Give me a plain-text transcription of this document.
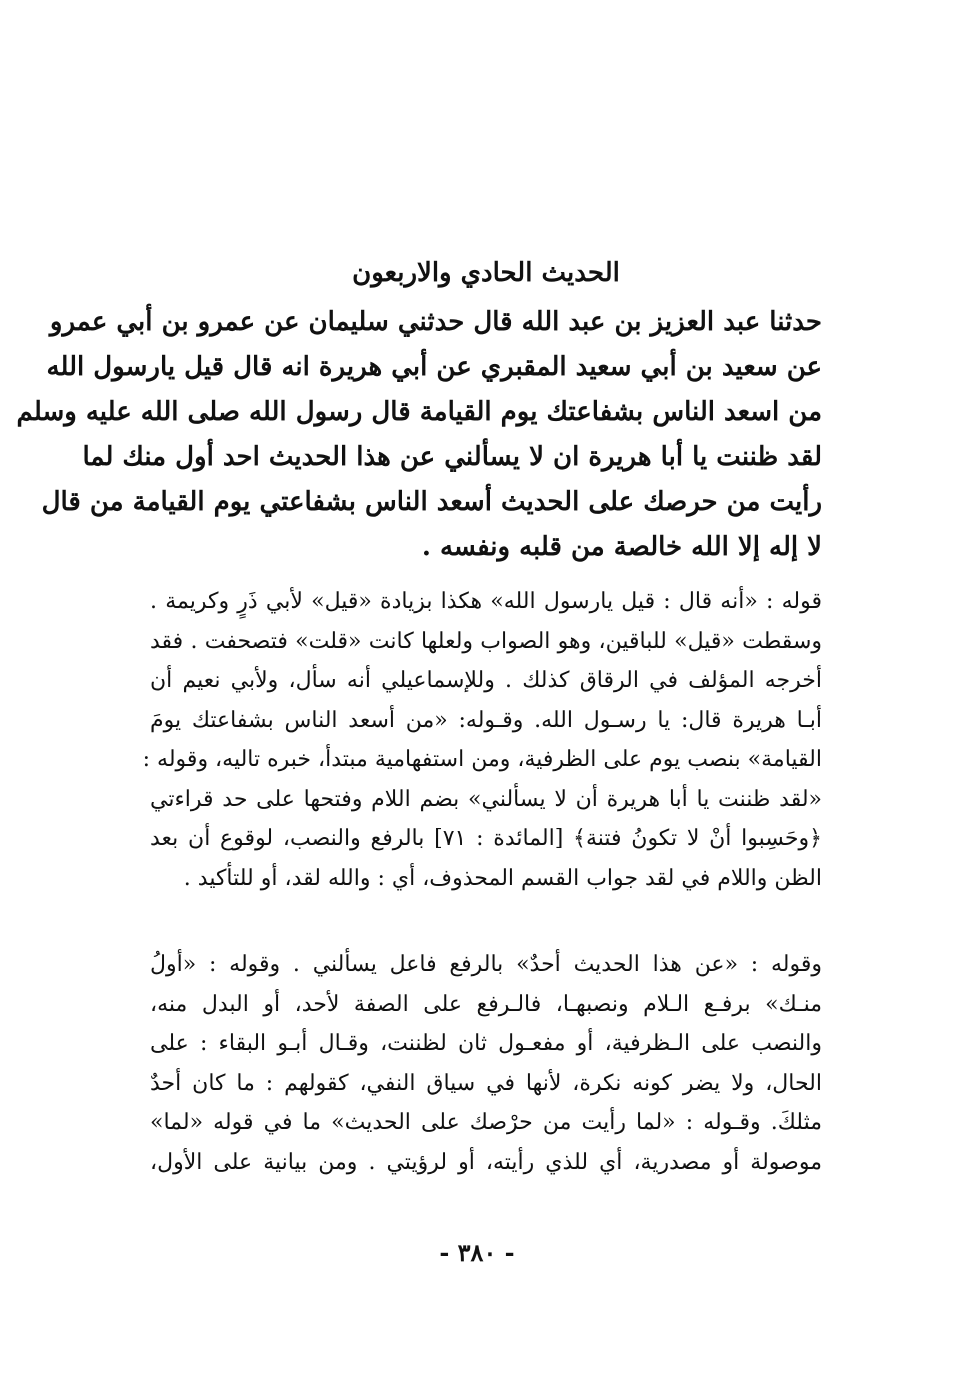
الحديث الحادي والاربعون
حدثنا عبد العزيز بن عبد الله قال حدثني سليمان عن عمرو بن أبي عمرو
عن سعيد بن أبي سعيد المقبري عن أبي هريرة انه قال قيل يارسول الله
من اسعد الناس بشفاعتك يوم القيامة قال رسول الله صلى الله عليه وسلم
لقد ظننت يا أبا هريرة ان لا يسألني عن هذا الحديث احد أول منك لما
رأيت من حرصك على الحديث أسعد الناس بشفاعتي يوم القيامة من قال
لا إله إلا الله خالصة من قلبه ونفسه .
قوله : «أنه قال : قيل يارسول الله» هكذا بزيادة «قيل» لأبي ذَرٍ وكريمة .
وسقطت «قيل» للباقين، وهو الصواب ولعلها كانت «قلت» فتصحفت . فقد
أخرجه المؤلف في الرقاق كذلك . وللإسماعيلي أنه سأل، ولأبي نعيم أن
أبـا هريرة قال: يا رسـول الله. وقـوله: «من أسعد الناس بشفاعتك يومَ
القيامة» بنصب يوم على الظرفية، ومن استفهامية مبتدأ، خبره تاليه، وقوله :
«لقد ظننت يا أبا هريرة أن لا يسألني» بضم اللام وفتحها على حد قراءتي
﴿وحَسِبوا أنْ لا تكونُ فتنة﴾ [المائدة : ٧١] بالرفع والنصب، لوقوع أن بعد
الظن واللام في لقد جواب القسم المحذوف، أي : والله لقد، أو للتأكيد .
وقوله : «عن هذا الحديث أحدٌ» بالرفع فاعل يسألني . وقوله : «أولُ
منـك» برفـع الـلام ونصبهـا، فالـرفع على الصفة لأحد، أو البدل منه،
والنصب على الـظرفية، أو مفعـول ثان لظننت، وقـال أبـو البقاء : على
الحال، ولا يضر كونه نكرة، لأنها في سياق النفي، كقولهم : ما كان أحدٌ
مثلكَ. وقـوله : «لما رأيت من حرْصك على الحديث» ما في قوله «لما»
موصولة أو مصدرية، أي للذي رأيته، أو لرؤيتي . ومن بيانية على الأول،
- ٣٨٠ -
